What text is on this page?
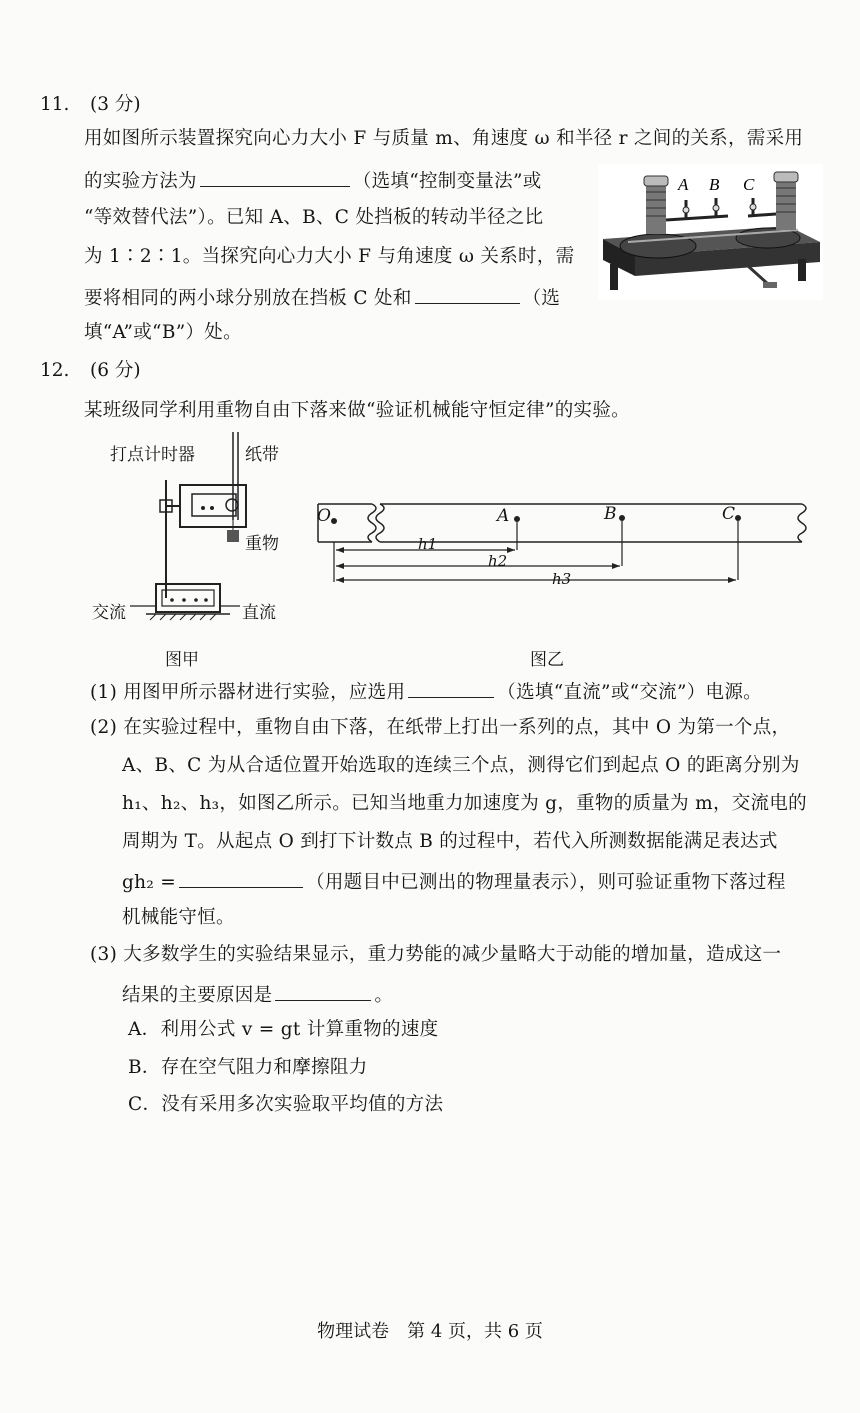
11. (3 分)
用如图所示装置探究向心力大小 F 与质量 m、角速度 ω 和半径 r 之间的关系，需采用
的实验方法为	（选填“控制变量法”或
“等效替代法”）。已知 A、B、C 处挡板的转动半径之比
为 1∶2∶1。当探究向心力大小 F 与角速度 ω 关系时，需
要将相同的两小球分别放在挡板 C 处和	（选
填“A”或“B”）处。
A B C
12. (6 分)
某班级同学利用重物自由下落来做“验证机械能守恒定律”的实验。
打点计时器	纸带
重物
交流	直流
图甲
O	A	B	C
h1
h2
h3
图乙
(1) 用图甲所示器材进行实验，应选用	（选填“直流”或“交流”）电源。
(2) 在实验过程中，重物自由下落，在纸带上打出一系列的点，其中 O 为第一个点，
A、B、C 为从合适位置开始选取的连续三个点，测得它们到起点 O 的距离分别为
h₁、h₂、h₃，如图乙所示。已知当地重力加速度为 g，重物的质量为 m，交流电的
周期为 T。从起点 O 到打下计数点 B 的过程中，若代入所测数据能满足表达式
gh₂ =	（用题目中已测出的物理量表示），则可验证重物下落过程
机械能守恒。
(3) 大多数学生的实验结果显示，重力势能的减少量略大于动能的增加量，造成这一
结果的主要原因是	。
A．利用公式 v = gt 计算重物的速度
B．存在空气阻力和摩擦阻力
C．没有采用多次实验取平均值的方法
物理试卷　第 4 页，共 6 页
